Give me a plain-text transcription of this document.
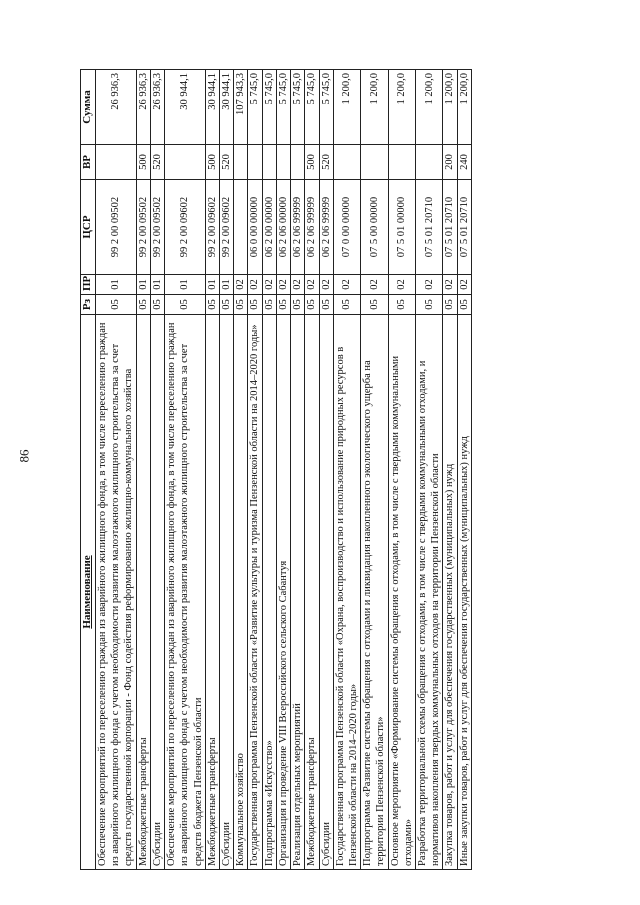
86
Наименование	Рз	ПР	ЦСР	ВР	Сумма
Обеспечение мероприятий по переселению граждан из аварийного жилищного фонда, в том числе переселению граждан из аварийного жилищного фонда с учетом необходимости развития малоэтажного жилищного строительства за счет средств государственной корпорации - Фонд содействия реформированию жилищно-коммунального хозяйства	05	01	99 2 00 09502		26 936,3
Межбюджетные трансферты	05	01	99 2 00 09502	500	26 936,3
Субсидии	05	01	99 2 00 09502	520	26 936,3
Обеспечение мероприятий по переселению граждан из аварийного жилищного фонда, в том числе переселению граждан из аварийного жилищного фонда с учетом необходимости развития малоэтажного жилищного строительства за счет средств бюджета Пензенской области	05	01	99 2 00 09602		30 944,1
Межбюджетные трансферты	05	01	99 2 00 09602	500	30 944,1
Субсидии	05	01	99 2 00 09602	520	30 944,1
Коммунальное хозяйство	05	02			107 943,3
Государственная программа Пензенской области «Развитие культуры и туризма Пензенской области на 2014–2020 годы»	05	02	06 0 00 00000		5 745,0
Подпрограмма «Искусство»	05	02	06 2 00 00000		5 745,0
Организация и проведение VIII Всероссийского сельского Сабантуя	05	02	06 2 06 00000		5 745,0
Реализация отдельных мероприятий	05	02	06 2 06 99999		5 745,0
Межбюджетные трансферты	05	02	06 2 06 99999	500	5 745,0
Субсидии	05	02	06 2 06 99999	520	5 745,0
Государственная программа Пензенской области «Охрана, воспроизводство и использование природных ресурсов в Пензенской области на 2014–2020 годы»	05	02	07 0 00 00000		1 200,0
Подпрограмма «Развитие системы обращения с отходами и ликвидация накопленного экологического ущерба на территории Пензенской области»	05	02	07 5 00 00000		1 200,0
Основное мероприятие «Формирование системы обращения с отходами, в том числе с твердыми коммунальными отходами»	05	02	07 5 01 00000		1 200,0
Разработка территориальной схемы обращения с отходами, в том числе с твердыми коммунальными отходами, и нормативов накопления твердых коммунальных отходов на территории Пензенской области	05	02	07 5 01 20710		1 200,0
Закупка товаров, работ и услуг для обеспечения государственных (муниципальных) нужд	05	02	07 5 01 20710	200	1 200,0
Иные закупки товаров, работ и услуг для обеспечения государственных (муниципальных) нужд	05	02	07 5 01 20710	240	1 200,0
